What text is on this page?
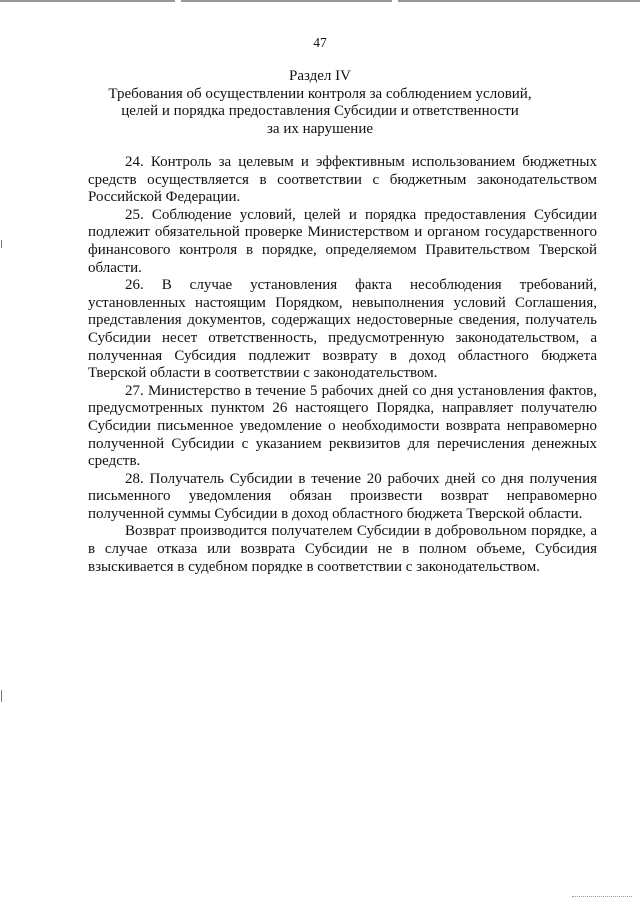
47
Раздел IV
Требования об осуществлении контроля за соблюдением условий,
целей и порядка предоставления Субсидии и ответственности
за их нарушение

24. Контроль за целевым и эффективным использованием бюджетных средств осуществляется в соответствии с бюджетным законодательством Российской Федерации.

25. Соблюдение условий, целей и порядка предоставления Субсидии подлежит обязательной проверке Министерством и органом государственного финансового контроля в порядке, определяемом Правительством Тверской области.

26. В случае установления факта несоблюдения требований, установленных настоящим Порядком, невыполнения условий Соглашения, представления документов, содержащих недостоверные сведения, получатель Субсидии несет ответственность, предусмотренную законодательством, а полученная Субсидия подлежит возврату в доход областного бюджета Тверской области в соответствии с законодательством.

27. Министерство в течение 5 рабочих дней со дня установления фактов, предусмотренных пунктом 26 настоящего Порядка, направляет получателю Субсидии письменное уведомление о необходимости возврата неправомерно полученной Субсидии с указанием реквизитов для перечисления денежных средств.

28. Получатель Субсидии в течение 20 рабочих дней со дня получения письменного уведомления обязан произвести возврат неправомерно полученной суммы Субсидии в доход областного бюджета Тверской области.

Возврат производится получателем Субсидии в добровольном порядке, а в случае отказа или возврата Субсидии не в полном объеме, Субсидия взыскивается в судебном порядке в соответствии с законодательством.
